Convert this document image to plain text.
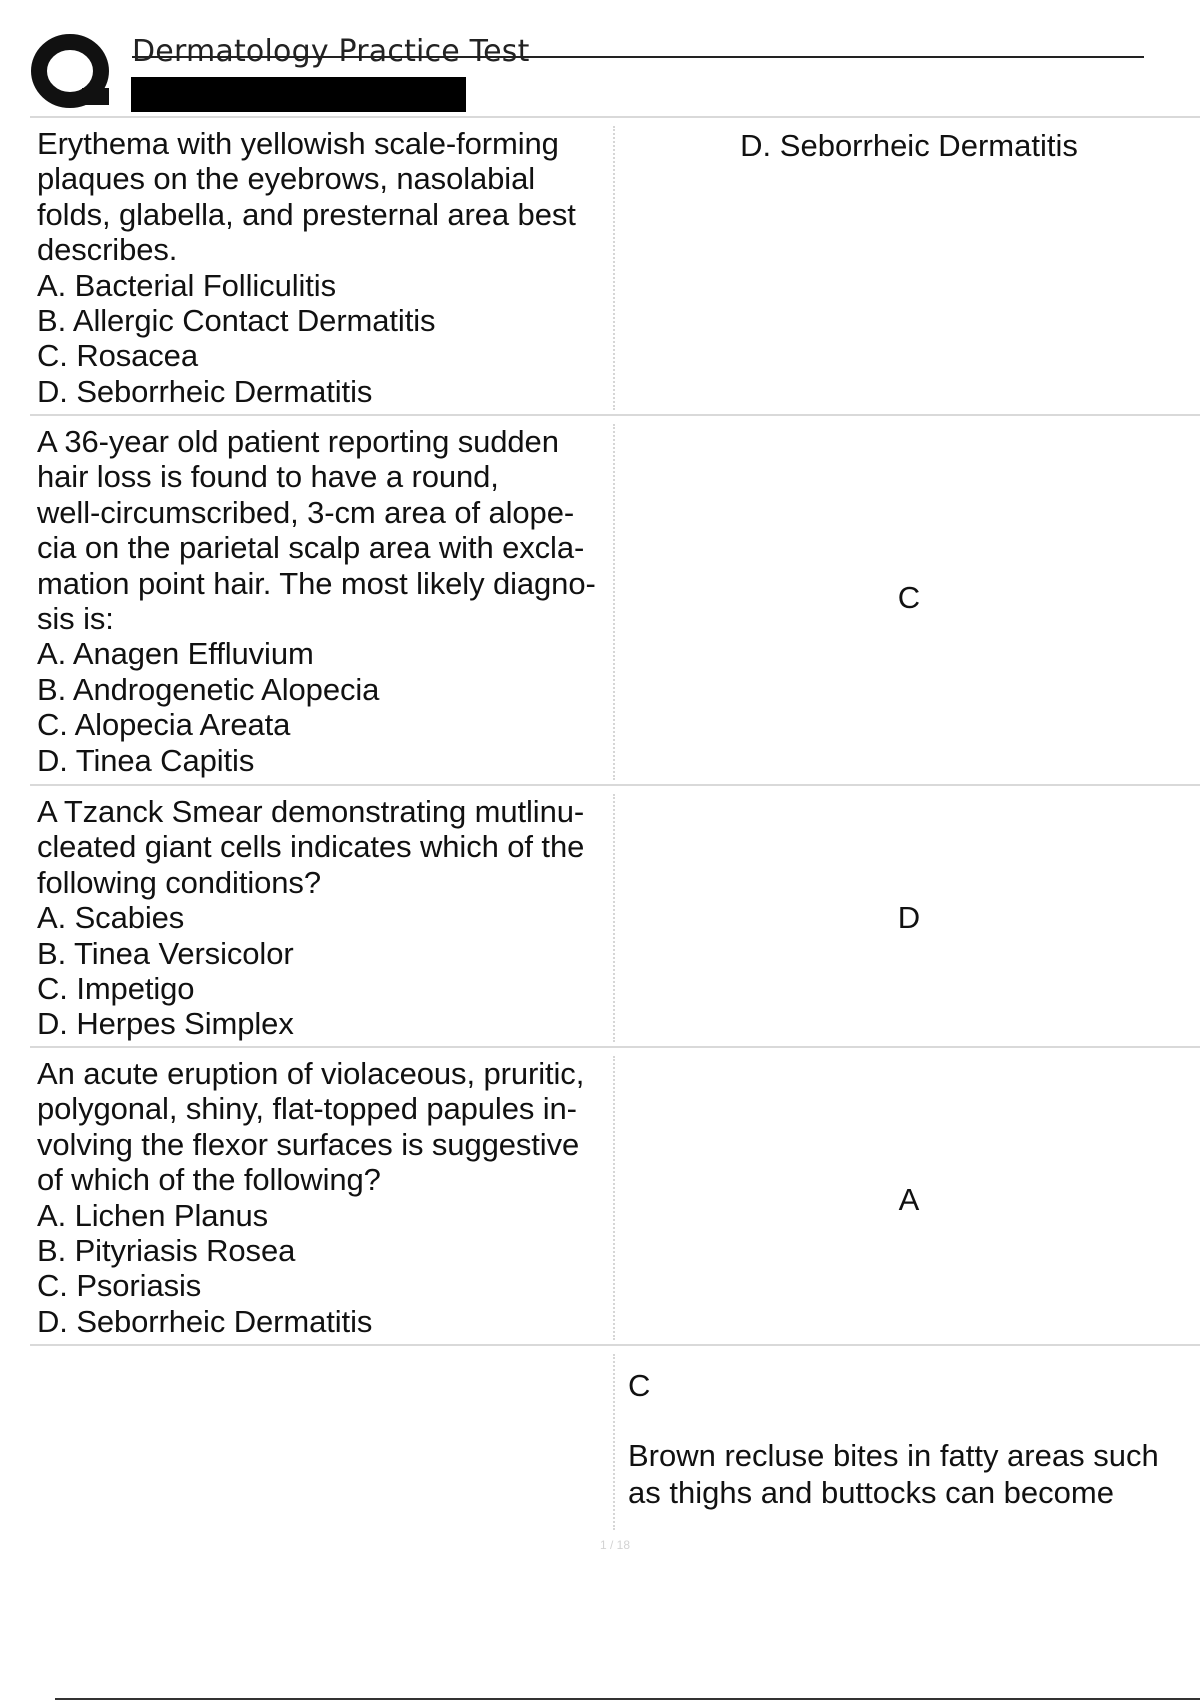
Dermatology Practice Test
Erythema with yellowish scale-forming
plaques on the eyebrows, nasolabial
folds, glabella, and presternal area best
describes.
A. Bacterial Folliculitis
B. Allergic Contact Dermatitis
C. Rosacea
D. Seborrheic Dermatitis
D. Seborrheic Dermatitis
A 36-year old patient reporting sudden
hair loss is found to have a round,
well-circumscribed, 3-cm area of alope-
cia on the parietal scalp area with excla-
mation point hair. The most likely diagno-
sis is:
A. Anagen Effluvium
B. Androgenetic Alopecia
C. Alopecia Areata
D. Tinea Capitis
C
A Tzanck Smear demonstrating mutlinu-
cleated giant cells indicates which of the
following conditions?
A. Scabies
B. Tinea Versicolor
C. Impetigo
D. Herpes Simplex
D
An acute eruption of violaceous, pruritic,
polygonal, shiny, flat-topped papules in-
volving the flexor surfaces is suggestive
of which of the following?
A. Lichen Planus
B. Pityriasis Rosea
C. Psoriasis
D. Seborrheic Dermatitis
A
C
Brown recluse bites in fatty areas such
as thighs and buttocks can become
1 / 18
